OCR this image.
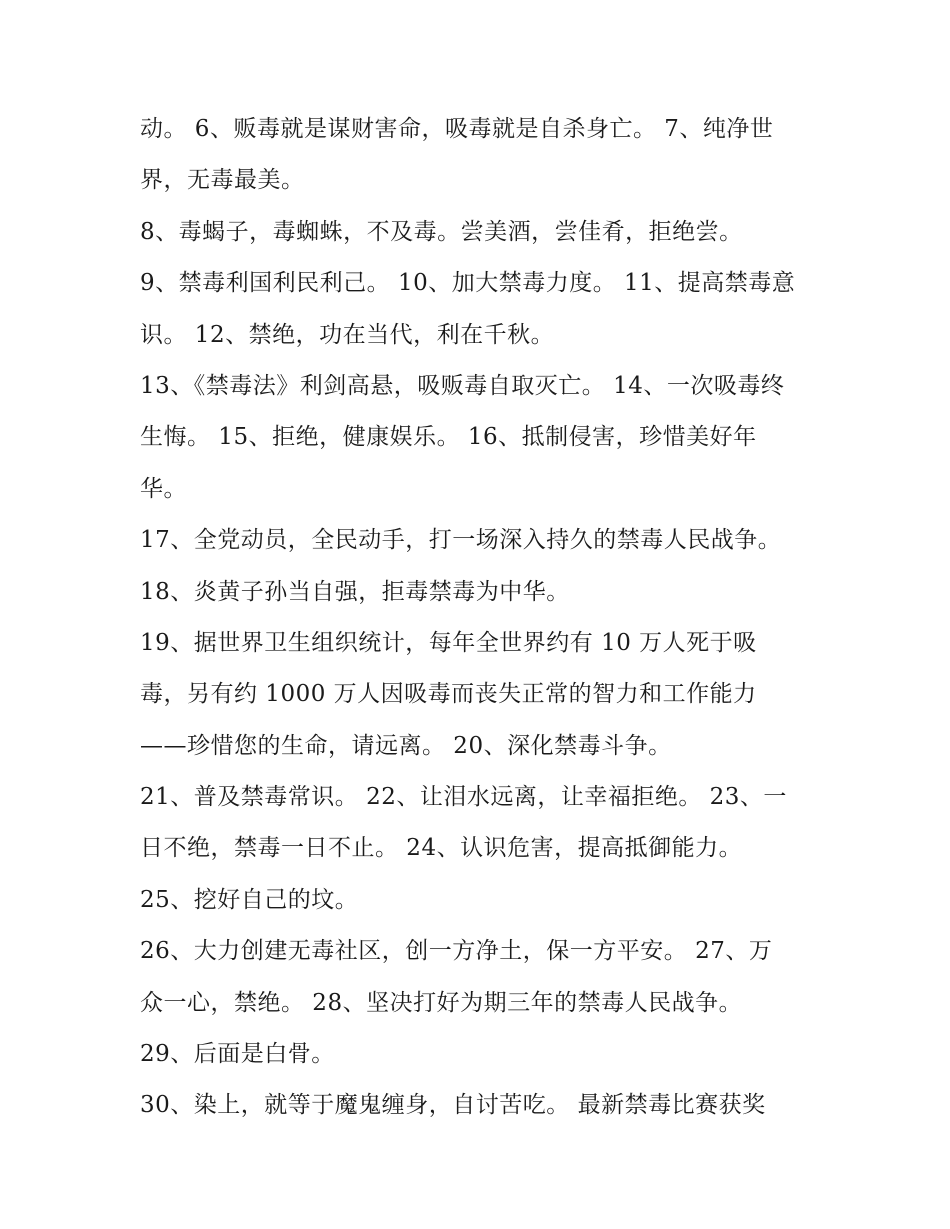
动。 6、贩毒就是谋财害命，吸毒就是自杀身亡。 7、纯净世
界，无毒最美。
8、毒蝎子，毒蜘蛛，不及毒。尝美酒，尝佳肴，拒绝尝。
9、禁毒利国利民利己。 10、加大禁毒力度。 11、提高禁毒意
识。 12、禁绝，功在当代，利在千秋。
13、《禁毒法》利剑高悬，吸贩毒自取灭亡。 14、一次吸毒终
生悔。 15、拒绝，健康娱乐。 16、抵制侵害，珍惜美好年
华。
17、全党动员，全民动手，打一场深入持久的禁毒人民战争。
18、炎黄子孙当自强，拒毒禁毒为中华。
19、据世界卫生组织统计，每年全世界约有 10 万人死于吸
毒，另有约 1000 万人因吸毒而丧失正常的智力和工作能力
——珍惜您的生命，请远离。 20、深化禁毒斗争。
21、普及禁毒常识。 22、让泪水远离，让幸福拒绝。 23、一
日不绝，禁毒一日不止。 24、认识危害，提高抵御能力。
25、挖好自己的坟。
26、大力创建无毒社区，创一方净土，保一方平安。 27、万
众一心，禁绝。 28、坚决打好为期三年的禁毒人民战争。
29、后面是白骨。
30、染上，就等于魔鬼缠身，自讨苦吃。 最新禁毒比赛获奖
